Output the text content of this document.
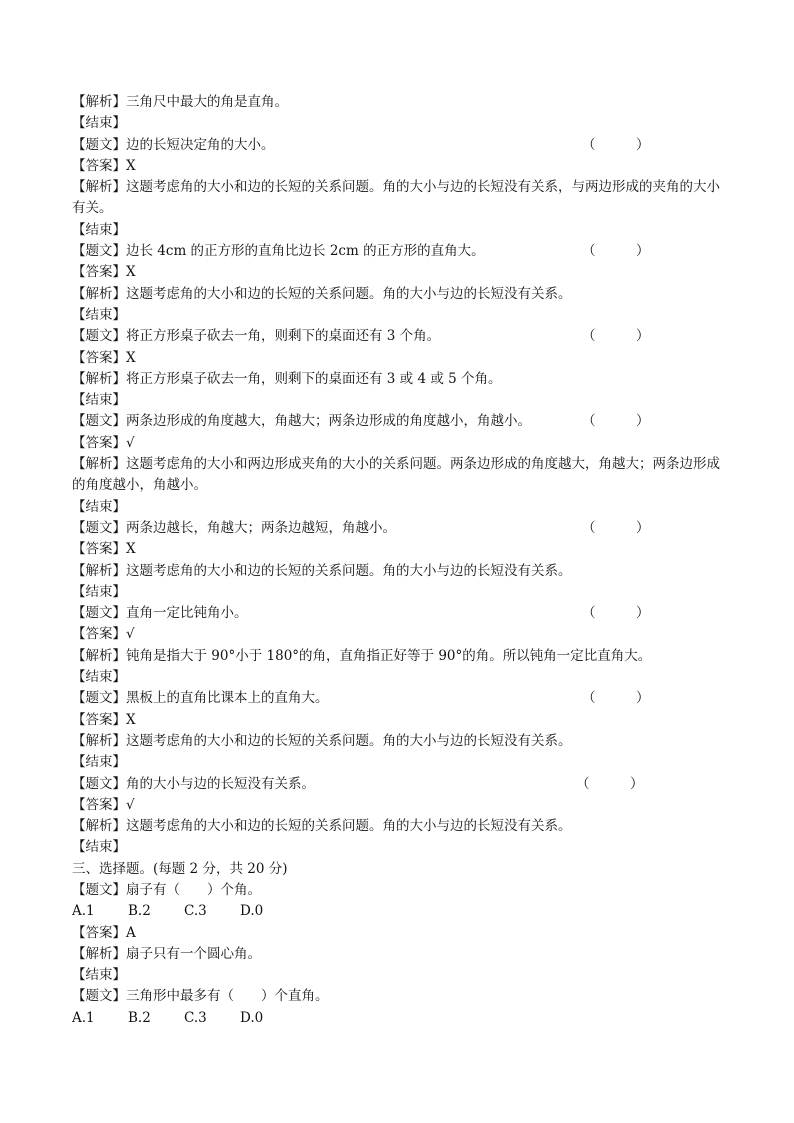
【解析】三角尺中最大的角是直角。
【结束】
【题文】边的长短决定角的大小。	（　　　）
【答案】X
【解析】这题考虑角的大小和边的长短的关系问题。角的大小与边的长短没有关系，与两边形成的夹角的大小有关。
【结束】
【题文】边长 4cm 的正方形的直角比边长 2cm 的正方形的直角大。	（　　　）
【答案】X
【解析】这题考虑角的大小和边的长短的关系问题。角的大小与边的长短没有关系。
【结束】
【题文】将正方形桌子砍去一角，则剩下的桌面还有 3 个角。	（　　　）
【答案】X
【解析】将正方形桌子砍去一角，则剩下的桌面还有 3 或 4 或 5 个角。
【结束】
【题文】两条边形成的角度越大，角越大；两条边形成的角度越小，角越小。	（　　　）
【答案】√
【解析】这题考虑角的大小和两边形成夹角的大小的关系问题。两条边形成的角度越大，角越大；两条边形成的角度越小，角越小。
【结束】
【题文】两条边越长，角越大；两条边越短，角越小。	（　　　）
【答案】X
【解析】这题考虑角的大小和边的长短的关系问题。角的大小与边的长短没有关系。
【结束】
【题文】直角一定比钝角小。	（　　　）
【答案】√
【解析】钝角是指大于 90°小于 180°的角，直角指正好等于 90°的角。所以钝角一定比直角大。
【结束】
【题文】黑板上的直角比课本上的直角大。	（　　　）
【答案】X
【解析】这题考虑角的大小和边的长短的关系问题。角的大小与边的长短没有关系。
【结束】
【题文】角的大小与边的长短没有关系。	（　　　）
【答案】√
【解析】这题考虑角的大小和边的长短的关系问题。角的大小与边的长短没有关系。
【结束】
三、选择题。(每题 2 分，共 20 分)
【题文】扇子有（　　）个角。
A.1 B.2 C.3 D.0
【答案】A
【解析】扇子只有一个圆心角。
【结束】
【题文】三角形中最多有（　　）个直角。
A.1 B.2 C.3 D.0
